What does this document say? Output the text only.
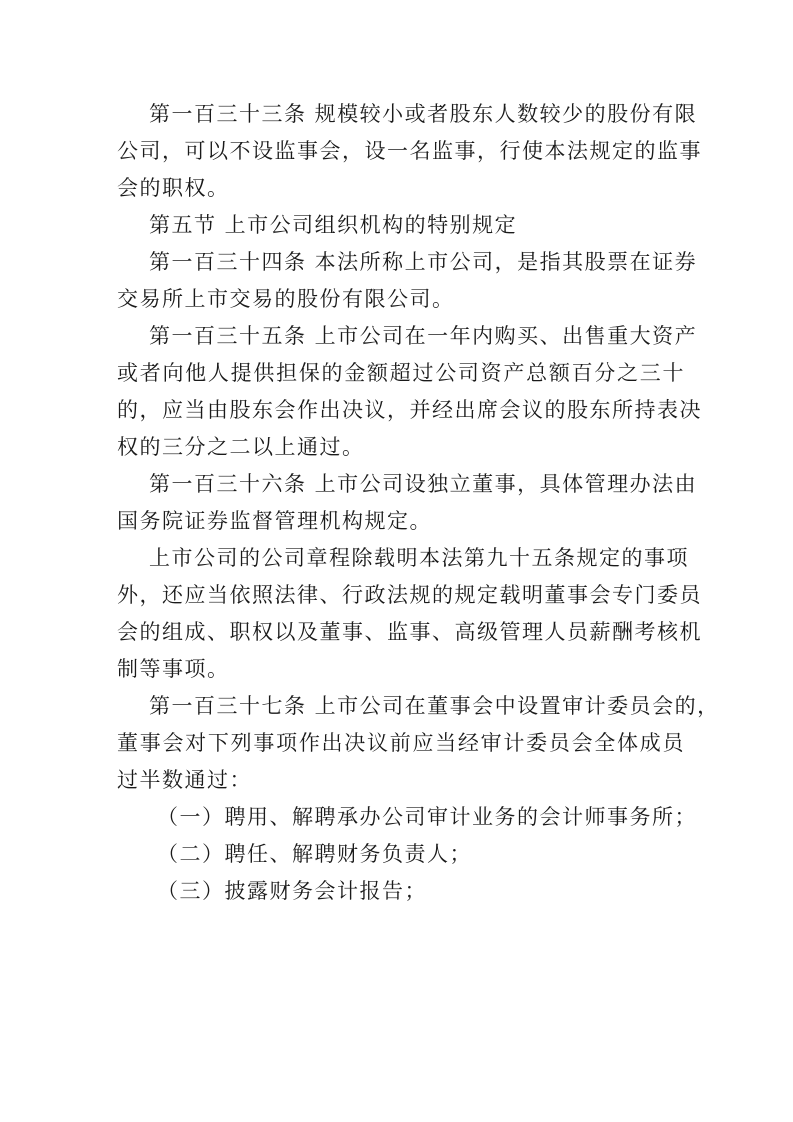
第一百三十三条 规模较小或者股东人数较少的股份有限
公司，可以不设监事会，设一名监事，行使本法规定的监事
会的职权。
第五节 上市公司组织机构的特别规定
第一百三十四条 本法所称上市公司，是指其股票在证券
交易所上市交易的股份有限公司。
第一百三十五条 上市公司在一年内购买、出售重大资产
或者向他人提供担保的金额超过公司资产总额百分之三十
的，应当由股东会作出决议，并经出席会议的股东所持表决
权的三分之二以上通过。
第一百三十六条 上市公司设独立董事，具体管理办法由
国务院证券监督管理机构规定。
上市公司的公司章程除载明本法第九十五条规定的事项
外，还应当依照法律、行政法规的规定载明董事会专门委员
会的组成、职权以及董事、监事、高级管理人员薪酬考核机
制等事项。
第一百三十七条 上市公司在董事会中设置审计委员会的，
董事会对下列事项作出决议前应当经审计委员会全体成员
过半数通过：
（一）聘用、解聘承办公司审计业务的会计师事务所；
（二）聘任、解聘财务负责人；
（三）披露财务会计报告；
